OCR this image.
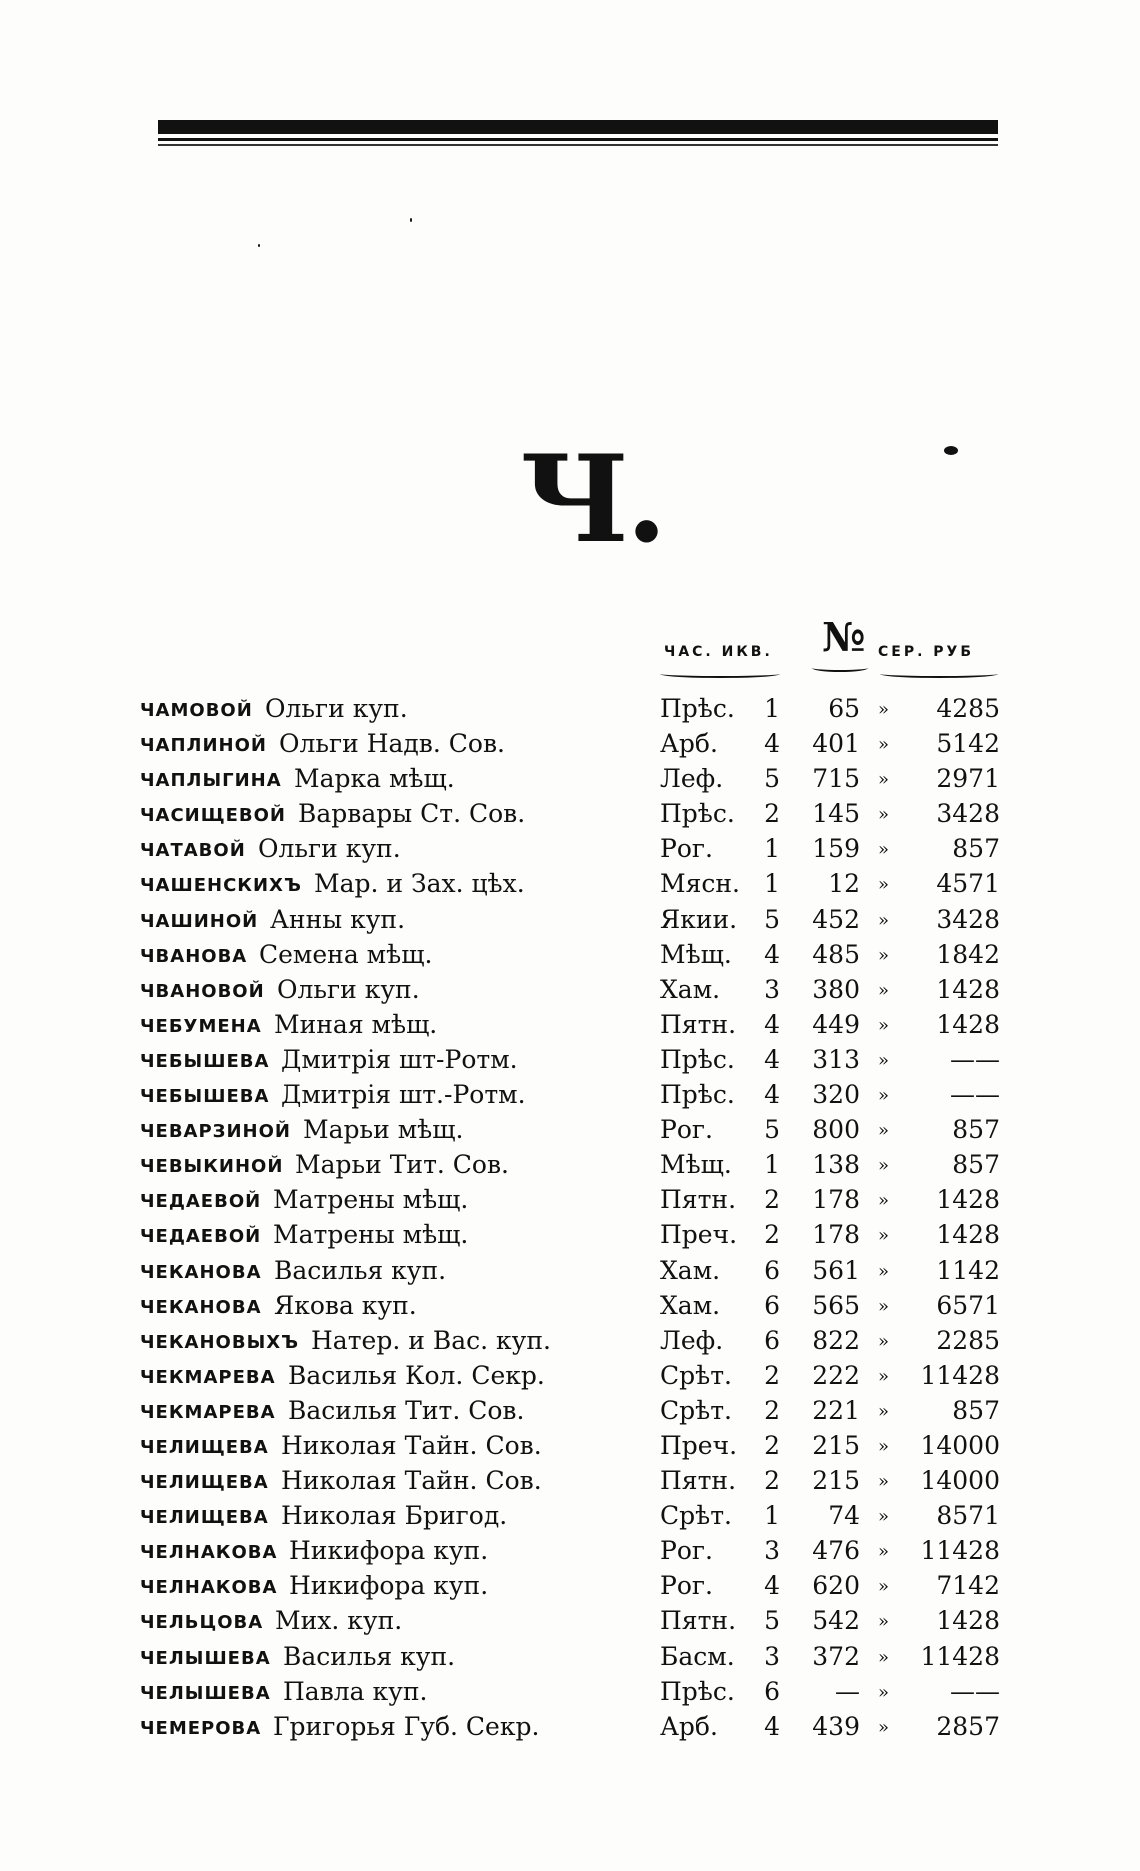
Ч.
ЧАС. ИКВ. № СЕР. РУБ
ЧАМОВОЙ Ольги куп.	Прѣс.	1	65 »	4285
ЧАПЛИНОЙ Ольги Надв. Сов.	Арб.	4	401 »	5142
ЧАПЛЫГИНА Марка мѣщ.	Леф.	5	715 »	2971
ЧАСИЩЕВОЙ Варвары Ст. Сов.	Прѣс.	2	145 »	3428
ЧАТАВОЙ Ольги куп.	Рог.	1	159 »	857
ЧАШЕНСКИХЪ Мар. и Зах. цѣх.	Мясн. 1	12 »	4571
ЧАШИНОЙ Анны куп.	Якии.	5	452 »	3428
ЧВАНОВА Семена мѣщ.	Мѣщ.	4	485 »	1842
ЧВАНОВОЙ Ольги куп.	Хам.	3	380 »	1428
ЧЕБУМЕНА Миная мѣщ.	Пятн.	4	449 »	1428
ЧЕБЫШЕВА Дмитрія шт-Ротм.	Прѣс.	4	313 »	——
ЧЕБЫШЕВА Дмитрія шт.-Ротм.	Прѣс.	4	320 »	——
ЧЕВАРЗИНОЙ Марьи мѣщ.	Рог.	5	800 »	857
ЧЕВЫКИНОЙ Марьи Тит. Сов.	Мѣщ.	1	138 »	857
ЧЕДАЕВОЙ Матрены мѣщ.	Пятн.	2	178 »	1428
ЧЕДАЕВОЙ Матрены мѣщ.	Преч.	2	178 »	1428
ЧЕКАНОВА Василья куп.	Хам.	6	561 »	1142
ЧЕКАНОВА Якова куп.	Хам.	6	565 »	6571
ЧЕКАНОВЫХЪ Натер. и Вас. куп.	Леф.	6	822 »	2285
ЧЕКМАРЕВА Василья Кол. Секр.	Срѣт.	2	222 »	11428
ЧЕКМАРЕВА Василья Тит. Сов.	Срѣт.	2	221 »	857
ЧЕЛИЩЕВА Николая Тайн. Сов.	Преч.	2	215 »	14000
ЧЕЛИЩЕВА Николая Тайн. Сов.	Пятн.	2	215 »	14000
ЧЕЛИЩЕВА Николая Бригод.	Срѣт.	1	74 »	8571
ЧЕЛНАКОВА Никифора куп.	Рог.	3	476 »	11428
ЧЕЛНАКОВА Никифора куп.	Рог.	4	620 »	7142
ЧЕЛЬЦОВА Мих. куп.	Пятн.	5	542 »	1428
ЧЕЛЫШЕВА Василья куп.	Басм.	3	372 »	11428
ЧЕЛЫШЕВА Павла куп.	Прѣс.	6	— »	——
ЧЕМЕРОВА Григорья Губ. Секр.	Арб.	4	439 »	2857
